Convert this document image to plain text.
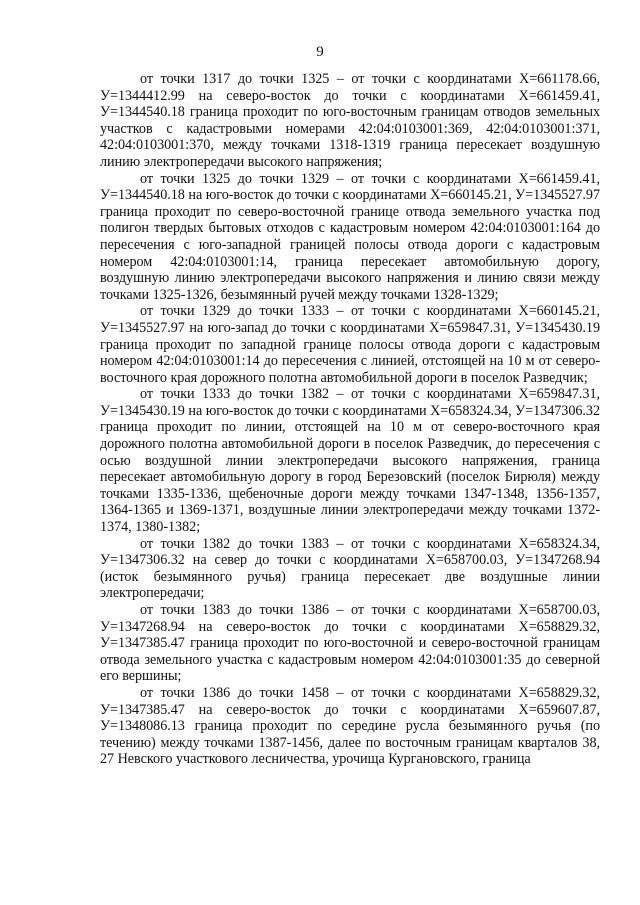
9

от точки 1317 до точки 1325 – от точки с координатами Х=661178.66, У=1344412.99 на северо-восток до точки с координатами Х=661459.41, У=1344540.18 граница проходит по юго-восточным границам отводов земельных участков с кадастровыми номерами 42:04:0103001:369, 42:04:0103001:371, 42:04:0103001:370, между точками 1318-1319 граница пересекает воздушную линию электропередачи высокого напряжения;

от точки 1325 до точки 1329 – от точки с координатами Х=661459.41, У=1344540.18 на юго-восток до точки с координатами Х=660145.21, У=1345527.97 граница проходит по северо-восточной границе отвода земельного участка под полигон твердых бытовых отходов с кадастровым номером 42:04:0103001:164 до пересечения с юго-западной границей полосы отвода дороги с кадастровым номером 42:04:0103001:14, граница пересекает автомобильную дорогу, воздушную линию электропередачи высокого напряжения и линию связи между точками 1325-1326, безымянный ручей между точками 1328-1329;

от точки 1329 до точки 1333 – от точки с координатами Х=660145.21, У=1345527.97 на юго-запад до точки с координатами Х=659847.31, У=1345430.19 граница проходит по западной границе полосы отвода дороги с кадастровым номером 42:04:0103001:14 до пересечения с линией, отстоящей на 10 м от северо-восточного края дорожного полотна автомобильной дороги в поселок Разведчик;

от точки 1333 до точки 1382 – от точки с координатами Х=659847.31, У=1345430.19 на юго-восток до точки с координатами Х=658324.34, У=1347306.32 граница проходит по линии, отстоящей на 10 м от северо-восточного края дорожного полотна автомобильной дороги в поселок Разведчик, до пересечения с осью воздушной линии электропередачи высокого напряжения, граница пересекает автомобильную дорогу в город Березовский (поселок Бирюля) между точками 1335-1336, щебеночные дороги между точками 1347-1348, 1356-1357, 1364-1365 и 1369-1371, воздушные линии электропередачи между точками 1372-1374, 1380-1382;

от точки 1382 до точки 1383 – от точки с координатами Х=658324.34, У=1347306.32 на север до точки с координатами Х=658700.03, У=1347268.94 (исток безымянного ручья) граница пересекает две воздушные линии электропередачи;

от точки 1383 до точки 1386 – от точки с координатами Х=658700.03, У=1347268.94 на северо-восток до точки с координатами Х=658829.32, У=1347385.47 граница проходит по юго-восточной и северо-восточной границам отвода земельного участка с кадастровым номером 42:04:0103001:35 до северной его вершины;

от точки 1386 до точки 1458 – от точки с координатами Х=658829.32, У=1347385.47 на северо-восток до точки с координатами Х=659607.87, У=1348086.13 граница проходит по середине русла безымянного ручья (по течению) между точками 1387-1456, далее по восточным границам кварталов 38, 27 Невского участкового лесничества, урочища Кургановского, граница
